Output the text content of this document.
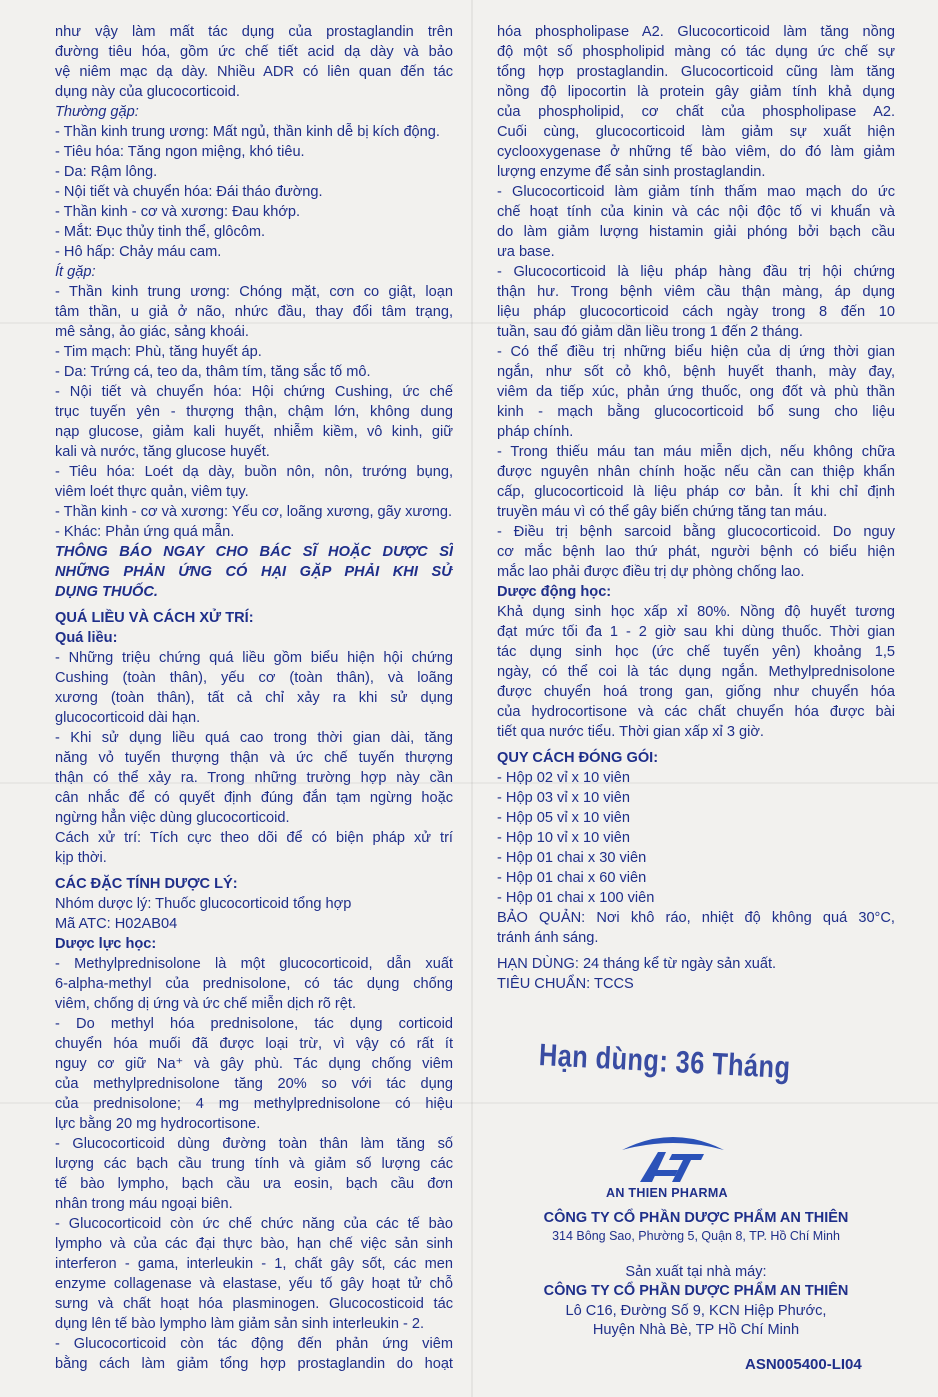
như vậy làm mất tác dụng của prostaglandin trên
đường tiêu hóa, gồm ức chế tiết acid dạ dày và bảo
vệ niêm mạc dạ dày. Nhiều ADR có liên quan đến tác
dụng này của glucocorticoid.
Thường gặp:
- Thần kinh trung ương: Mất ngủ, thần kinh dễ bị kích động.
- Tiêu hóa: Tăng ngon miệng, khó tiêu.
- Da: Rậm lông.
- Nội tiết và chuyển hóa: Đái tháo đường.
- Thần kinh - cơ và xương: Đau khớp.
- Mắt: Đục thủy tinh thể, glôcôm.
- Hô hấp: Chảy máu cam.
Ít gặp:
- Thần kinh trung ương: Chóng mặt, cơn co giật, loạn
tâm thần, u giả ở não, nhức đầu, thay đổi tâm trạng,
mê sảng, ảo giác, sảng khoái.
- Tim mạch: Phù, tăng huyết áp.
- Da: Trứng cá, teo da, thâm tím, tăng sắc tố mô.
- Nội tiết và chuyển hóa: Hội chứng Cushing, ức chế
trục tuyến yên - thượng thận, chậm lớn, không dung
nạp glucose, giảm kali huyết, nhiễm kiềm, vô kinh, giữ
kali và nước, tăng glucose huyết.
- Tiêu hóa: Loét dạ dày, buồn nôn, nôn, trướng bụng,
viêm loét thực quản, viêm tụy.
- Thần kinh - cơ và xương: Yếu cơ, loãng xương, gãy xương.
- Khác: Phản ứng quá mẫn.
THÔNG BÁO NGAY CHO BÁC SĨ HOẶC DƯỢC SĨ
NHỮNG PHẢN ỨNG CÓ HẠI GẶP PHẢI KHI SỬ
DỤNG THUỐC.
QUÁ LIỀU VÀ CÁCH XỬ TRÍ:
Quá liều:
- Những triệu chứng quá liều gồm biểu hiện hội chứng
Cushing (toàn thân), yếu cơ (toàn thân), và loãng
xương (toàn thân), tất cả chỉ xảy ra khi sử dụng
glucocorticoid dài hạn.
- Khi sử dụng liều quá cao trong thời gian dài, tăng
năng vỏ tuyến thượng thận và ức chế tuyến thượng
thận có thể xảy ra. Trong những trường hợp này cần
cân nhắc để có quyết định đúng đắn tạm ngừng hoặc
ngừng hẳn việc dùng glucocorticoid.
Cách xử trí: Tích cực theo dõi để có biện pháp xử trí
kịp thời.
CÁC ĐẶC TÍNH DƯỢC LÝ:
Nhóm dược lý: Thuốc glucocorticoid tổng hợp
Mã ATC: H02AB04
Dược lực học:
- Methylprednisolone là một glucocorticoid, dẫn xuất
6-alpha-methyl của prednisolone, có tác dụng chống
viêm, chống dị ứng và ức chế miễn dịch rõ rệt.
- Do methyl hóa prednisolone, tác dụng corticoid
chuyển hóa muối đã được loại trừ, vì vậy có rất ít
nguy cơ giữ Na⁺ và gây phù. Tác dụng chống viêm
của methylprednisolone tăng 20% so với tác dụng
của prednisolone; 4 mg methylprednisolone có hiệu
lực bằng 20 mg hydrocortisone.
- Glucocorticoid dùng đường toàn thân làm tăng số
lượng các bạch cầu trung tính và giảm số lượng các
tế bào lympho, bạch cầu ưa eosin, bạch cầu đơn
nhân trong máu ngoại biên.
- Glucocorticoid còn ức chế chức năng của các tế bào
lympho và của các đại thực bào, hạn chế việc sản sinh
interferon - gama, interleukin - 1, chất gây sốt, các men
enzyme collagenase và elastase, yếu tố gây hoạt tử chỗ
sưng và chất hoạt hóa plasminogen. Glucocosticoid tác
dụng lên tế bào lympho làm giảm sản sinh interleukin - 2.
- Glucocorticoid còn tác động đến phản ứng viêm
bằng cách làm giảm tổng hợp prostaglandin do hoạt
hóa phospholipase A2. Glucocorticoid làm tăng nồng
độ một số phospholipid màng có tác dụng ức chế sự
tổng hợp prostaglandin. Glucocorticoid cũng làm tăng
nồng độ lipocortin là protein gây giảm tính khả dụng
của phospholipid, cơ chất của phospholipase A2.
Cuối cùng, glucocorticoid làm giảm sự xuất hiện
cyclooxygenase ở những tế bào viêm, do đó làm giảm
lượng enzyme để sản sinh prostaglandin.
- Glucocorticoid làm giảm tính thấm mao mạch do ức
chế hoạt tính của kinin và các nội độc tố vi khuẩn và
do làm giảm lượng histamin giải phóng bởi bạch cầu
ưa base.
- Glucocorticoid là liệu pháp hàng đầu trị hội chứng
thận hư. Trong bệnh viêm cầu thận màng, áp dụng
liệu pháp glucocorticoid cách ngày trong 8 đến 10
tuần, sau đó giảm dần liều trong 1 đến 2 tháng.
- Có thể điều trị những biểu hiện của dị ứng thời gian
ngắn, như sốt cỏ khô, bệnh huyết thanh, mày đay,
viêm da tiếp xúc, phản ứng thuốc, ong đốt và phù thần
kinh - mạch bằng glucocorticoid bổ sung cho liệu
pháp chính.
- Trong thiếu máu tan máu miễn dịch, nếu không chữa
được nguyên nhân chính hoặc nếu cần can thiệp khẩn
cấp, glucocorticoid là liệu pháp cơ bản. Ít khi chỉ định
truyền máu vì có thể gây biến chứng tăng tan máu.
- Điều trị bệnh sarcoid bằng glucocorticoid. Do nguy
cơ mắc bệnh lao thứ phát, người bệnh có biểu hiện
mắc lao phải được điều trị dự phòng chống lao.
Dược động học:
Khả dụng sinh học xấp xỉ 80%. Nồng độ huyết tương
đạt mức tối đa 1 - 2 giờ sau khi dùng thuốc. Thời gian
tác dụng sinh học (ức chế tuyến yên) khoảng 1,5
ngày, có thể coi là tác dụng ngắn. Methylprednisolone
được chuyển hoá trong gan, giống như chuyển hóa
của hydrocortisone và các chất chuyển hóa được bài
tiết qua nước tiểu. Thời gian xấp xỉ 3 giờ.
QUY CÁCH ĐÓNG GÓI:
- Hộp 02 vỉ x 10 viên
- Hộp 03 vỉ x 10 viên
- Hộp 05 vỉ x 10 viên
- Hộp 10 vỉ x 10 viên
- Hộp 01 chai x 30 viên
- Hộp 01 chai x 60 viên
- Hộp 01 chai x 100 viên
BẢO QUẢN: Nơi khô ráo, nhiệt độ không quá 30°C,
tránh ánh sáng.
HẠN DÙNG: 24 tháng kể từ ngày sản xuất.
TIÊU CHUẨN: TCCS
Hạn dùng: 36 Tháng
AN THIEN PHARMA
CÔNG TY CỔ PHẦN DƯỢC PHẨM AN THIÊN
314 Bông Sao, Phường 5, Quận 8, TP. Hồ Chí Minh
Sản xuất tại nhà máy:
CÔNG TY CỔ PHẦN DƯỢC PHẨM AN THIÊN
Lô C16, Đường Số 9, KCN Hiệp Phước,
Huyện Nhà Bè, TP Hồ Chí Minh
ASN005400-LI04
